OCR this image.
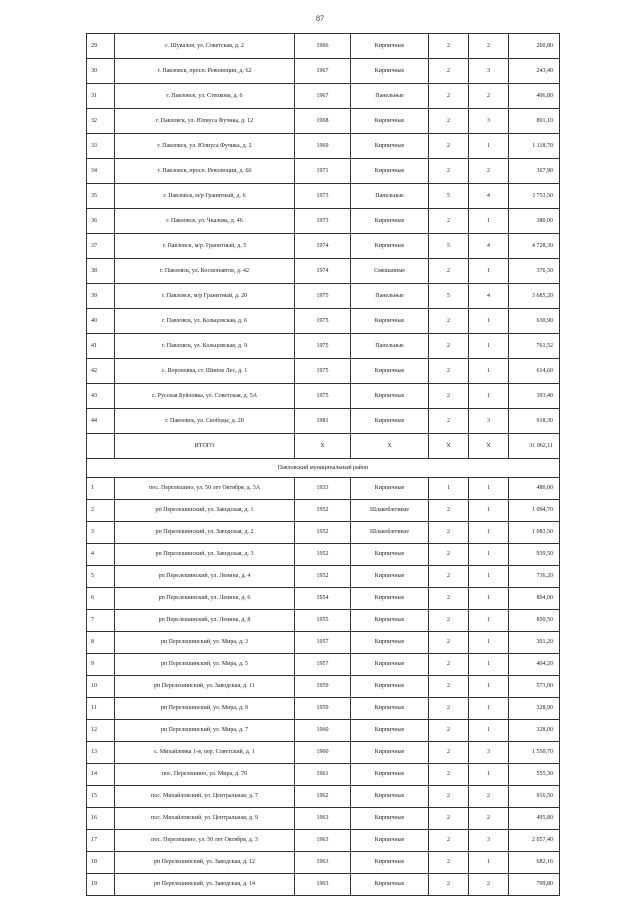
87
29	с. Шувалов, ул. Советская, д. 2	1966	Кирпичные	2	2	260,80
30	г. Павловск, просп. Революции, д. 62	1967	Кирпичные	2	3	243,40
31	г. Павловск, ул. Степкова, д. 6	1967	Панельные	2	2	406,80
32	г. Павловск, ул. Юлиуса Фучика, д. 12	1968	Кирпичные	2	3	891,10
33	г. Павловск, ул. Юлиуса Фучика, д. 2	1969	Кирпичные	2	1	1 118,70
34	г. Павловск, просп. Революции, д. 66	1971	Кирпичные	2	2	367,90
35	г. Павловск, м/р Гранитный, д. 6	1973	Панельные	5	4	3 753,50
36	г. Павловск, ул. Чкалова, д. 46	1973	Кирпичные	2	1	380,00
37	г. Павловск, м/р. Гранитный, д. 5	1974	Кирпичные	5	4	4 728,30
38	г. Павловск, ул. Космонавтов, д. 42	1974	Смешанные	2	1	376,50
39	г. Павловск, м/р Гранитный, д. 20	1975	Панельные	5	4	3 685,20
40	г. Павловск, ул. Кольцовская, д. 6	1975	Кирпичные	2	1	630,90
41	г. Павловск, ул. Кольцовская, д. 9	1975	Панельные	2	1	761,52
42	с. Вороновка, ст. Шипов Лес, д. 1	1975	Кирпичные	2	1	614,60
43	с. Русская Буйловка, ул. Советская, д. 5А	1975	Кирпичные	2	1	393,40
44	г. Павловск, ул. Свободы, д. 20	1981	Кирпичные	2	3	918,30
	ИТОГО	X	X	X	X	31 062,11
Павловский муниципальный район						
1	пос. Перелешино, ул. 50 лет Октября, д. 3А	1933	Кирпичные	1	1	480,00
2	рп Перелешинский, ул. Заводская, д. 1	1952	Шлакоблочные	2	1	1 094,70
3	рп Перелешинский, ул. Заводская, д. 2	1952	Шлакоблочные	2	1	1 083,50
4	рп Перелешинский, ул. Заводская, д. 3	1952	Кирпичные	2	1	939,50
5	рп Перелешинский, ул. Ленина, д. 4	1952	Кирпичные	2	1	736,20
6	рп Перелешинский, ул. Ленина, д. 6	1954	Кирпичные	2	1	894,00
7	рп Перелешинский, ул. Ленина, д. 8	1955	Кирпичные	2	1	850,50
8	рп Перелешинский, ул. Мира, д. 3	1957	Кирпичные	2	1	301,20
9	рп Перелешинский, ул. Мира, д. 5	1957	Кирпичные	2	1	404,20
10	рп Перелешинский, ул. Заводская, д. 11	1959	Кирпичные	2	1	573,00
11	рп Перелешинский, ул. Мира, д. 9	1959	Кирпичные	2	1	328,90
12	рп Перелешинский, ул. Мира, д. 7	1960	Кирпичные	2	1	328,00
13	с. Михайловка 1-я, пер. Советский, д. 1	1960	Кирпичные	2	3	1 550,70
14	пос. Перелешино, ул. Мира, д. 70	1961	Кирпичные	2	1	555,30
15	пос. Михайловский, ул. Центральная, д. 7	1962	Кирпичные	2	2	916,50
16	пос. Михайловский, ул. Центральная, д. 9	1963	Кирпичные	2	2	495,80
17	пос. Перелешино, ул. 50 лет Октября, д. 3	1963	Кирпичные	2	3	2 057,40
18	рп Перелешинский, ул. Заводская, д. 12	1963	Кирпичные	2	1	682,16
19	рп Перелешинский, ул. Заводская, д. 14	1963	Кирпичные	2	2	799,80
